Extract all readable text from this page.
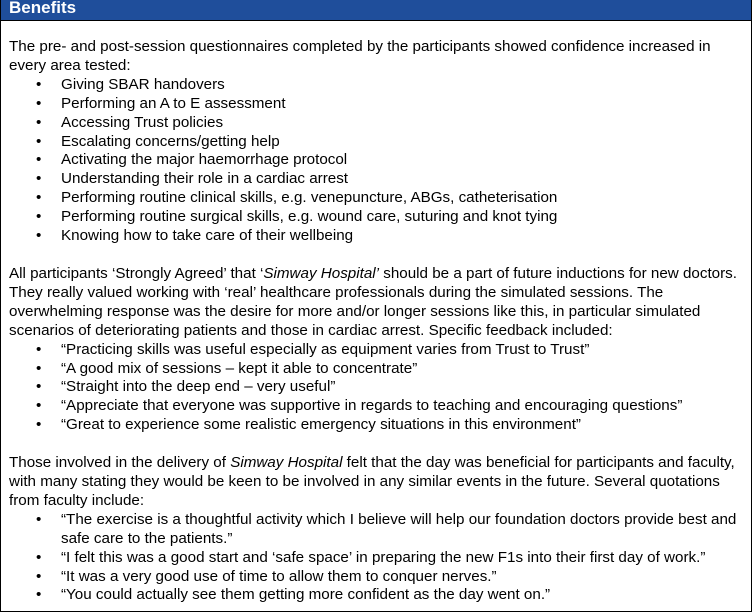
Benefits

The pre- and post-session questionnaires completed by the participants showed confidence increased in every area tested:

• Giving SBAR handovers
• Performing an A to E assessment
• Accessing Trust policies
• Escalating concerns/getting help
• Activating the major haemorrhage protocol
• Understanding their role in a cardiac arrest
• Performing routine clinical skills, e.g. venepuncture, ABGs, catheterisation
• Performing routine surgical skills, e.g. wound care, suturing and knot tying
• Knowing how to take care of their wellbeing

All participants ‘Strongly Agreed’ that ‘Simway Hospital’ should be a part of future inductions for new doctors. They really valued working with ‘real’ healthcare professionals during the simulated sessions. The overwhelming response was the desire for more and/or longer sessions like this, in particular simulated scenarios of deteriorating patients and those in cardiac arrest. Specific feedback included:

• “Practicing skills was useful especially as equipment varies from Trust to Trust”
• “A good mix of sessions – kept it able to concentrate”
• “Straight into the deep end – very useful”
• “Appreciate that everyone was supportive in regards to teaching and encouraging questions”
• “Great to experience some realistic emergency situations in this environment”

Those involved in the delivery of Simway Hospital felt that the day was beneficial for participants and faculty, with many stating they would be keen to be involved in any similar events in the future. Several quotations from faculty include:

• “The exercise is a thoughtful activity which I believe will help our foundation doctors provide best and safe care to the patients.”
• “I felt this was a good start and ‘safe space’ in preparing the new F1s into their first day of work.”
• “It was a very good use of time to allow them to conquer nerves.”
• “You could actually see them getting more confident as the day went on.”
